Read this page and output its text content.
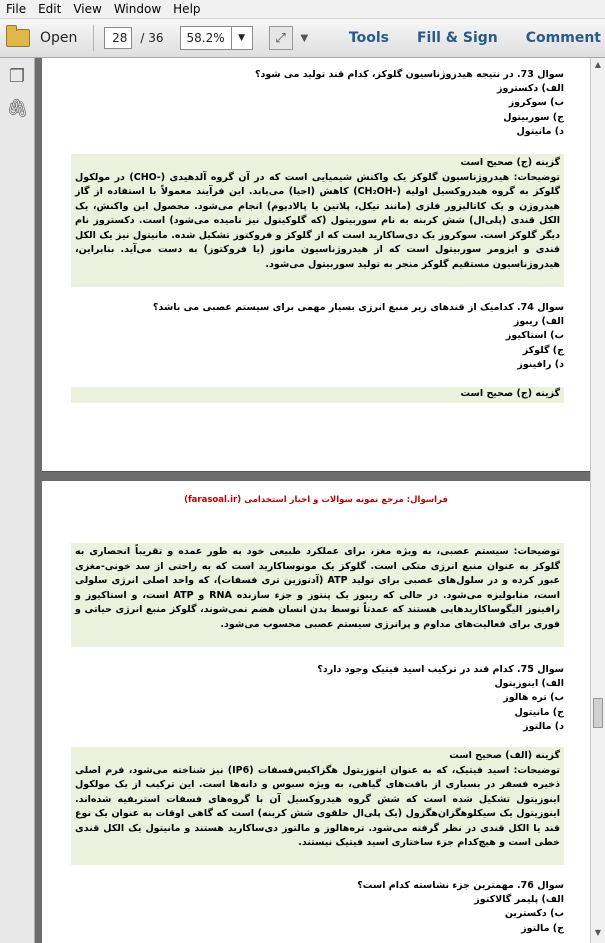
File	Edit	View	Window	Help
Open	28	/ 36	58.2%	▼	⤢	▼	Tools Fill & Sign Comment
❐
🖇
سوال 73. در نتیجه هیدروژناسیون گلوکز، کدام قند تولید می شود؟
الف) دکستروز
ب) سوکروز
ج) سوربیتول
د) مانیتول
گزینه (ج) صحیح است

توضیحات: هیدروژناسیون گلوکز یک واکنش شیمیایی است که در آن گروه آلدهیدی (-CHO) در مولکول گلوکز به گروه هیدروکسیل اولیه (-CH₂OH) کاهش (احیا) می‌یابد. این فرآیند معمولاً با استفاده از گاز هیدروژن و یک کاتالیزور فلزی (مانند نیکل، پلاتین یا پالادیوم) انجام می‌شود. محصول این واکنش، یک الکل قندی (پلی‌ال) شش کربنه به نام سوربیتول (که گلوکیتول نیز نامیده می‌شود) است. دکستروز نام دیگر گلوکز است. سوکروز یک دی‌ساکارید است که از گلوکز و فروکتوز تشکیل شده. مانیتول نیز یک الکل قندی و ایزومر سوربیتول است که از هیدروژناسیون مانوز (یا فروکتوز) به دست می‌آید. بنابراین، هیدروژناسیون مستقیم گلوکز منجر به تولید سوربیتول می‌شود.

سوال 74. کدامیک از قندهای زیر منبع انرژی بسیار مهمی برای سیستم عصبی می باشد؟
الف) ریبوز
ب) استاکیوز
ج) گلوکز
د) رافینوز
گزینه (ج) صحیح است
فراسوال: مرجع نمونه سوالات و اخبار استخدامی (farasoal.ir)

توضیحات: سیستم عصبی، به ویژه مغز، برای عملکرد طبیعی خود به طور عمده و تقریباً انحصاری به گلوکز به عنوان منبع انرژی متکی است. گلوکز یک مونوساکارید است که به راحتی از سد خونی-مغزی عبور کرده و در سلول‌های عصبی برای تولید ATP (آدنوزین تری فسفات)، که واحد اصلی انرژی سلولی است، متابولیزه می‌شود. در حالی که ریبوز یک پنتوز و جزء سازنده RNA و ATP است، و استاکیوز و رافینوز الیگوساکاریدهایی هستند که عمدتاً توسط بدن انسان هضم نمی‌شوند، گلوکز منبع انرژی حیاتی و فوری برای فعالیت‌های مداوم و پرانرژی سیستم عصبی محسوب می‌شود.

سوال 75. کدام قند در ترکیب اسید فیتیک وجود دارد؟
الف) اینوزیتول
ب) تره هالوز
ج) مانیتول
د) مالتوز
گزینه (الف) صحیح است

توضیحات: اسید فیتیک، که به عنوان اینوزیتول هگزاکیس‌فسفات (IP6) نیز شناخته می‌شود، فرم اصلی ذخیره فسفر در بسیاری از بافت‌های گیاهی، به ویژه سبوس و دانه‌ها است. این ترکیب از یک مولکول اینوزیتول تشکیل شده است که شش گروه هیدروکسیل آن با گروه‌های فسفات استریفیه شده‌اند. اینوزیتول یک سیکلوهگزان‌هگزول (یک پلی‌ال حلقوی شش کربنه) است که گاهی اوقات به عنوان یک نوع قند یا الکل قندی در نظر گرفته می‌شود. تره‌هالوز و مالتوز دی‌ساکارید هستند و مانیتول یک الکل قندی خطی است و هیچ‌کدام جزء ساختاری اسید فیتیک نیستند.

سوال 76. مهمترین جزء نشاسته کدام است؟
الف) پلیمر گالاکتوز
ب) دکسترین
ج) مالتوز
▲
▼
